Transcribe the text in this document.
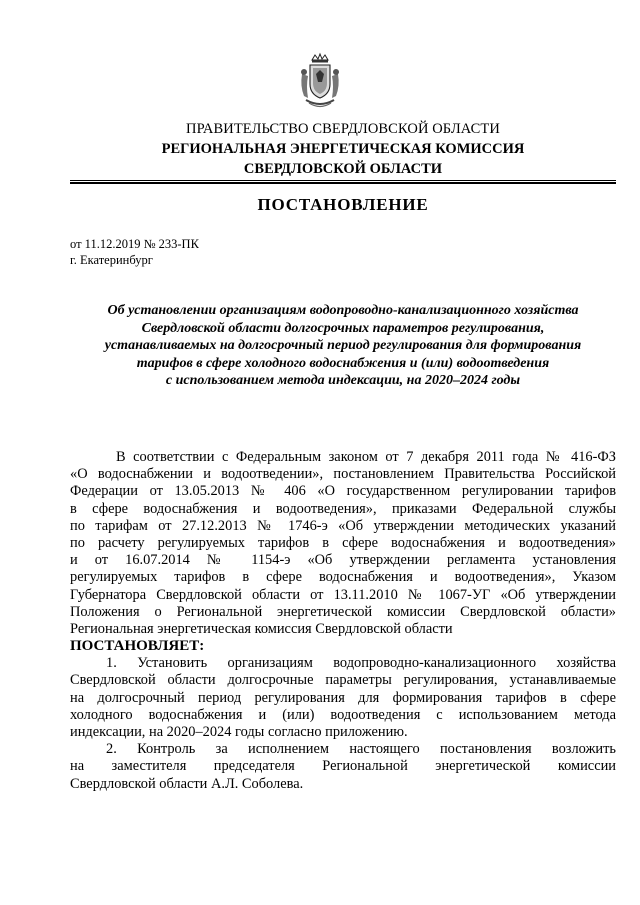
ПРАВИТЕЛЬСТВО СВЕРДЛОВСКОЙ ОБЛАСТИ
РЕГИОНАЛЬНАЯ ЭНЕРГЕТИЧЕСКАЯ КОМИССИЯ
СВЕРДЛОВСКОЙ ОБЛАСТИ
ПОСТАНОВЛЕНИЕ
от 11.12.2019 № 233-ПК
г. Екатеринбург
Об установлении организациям водопроводно-канализационного хозяйства
Свердловской области долгосрочных параметров регулирования,
устанавливаемых на долгосрочный период регулирования для формирования
тарифов в сфере холодного водоснабжения и (или) водоотведения
с использованием метода индексации, на 2020–2024 годы
В соответствии с Федеральным законом от 7 декабря 2011 года № 416-ФЗ
«О водоснабжении и водоотведении», постановлением Правительства Российской
Федерации от 13.05.2013 № 406 «О государственном регулировании тарифов
в сфере водоснабжения и водоотведения», приказами Федеральной службы
по тарифам от 27.12.2013 № 1746-э «Об утверждении методических указаний
по расчету регулируемых тарифов в сфере водоснабжения и водоотведения»
и от 16.07.2014 № 1154-э «Об утверждении регламента установления
регулируемых тарифов в сфере водоснабжения и водоотведения», Указом
Губернатора Свердловской области от 13.11.2010 № 1067-УГ «Об утверждении
Положения о Региональной энергетической комиссии Свердловской области»
Региональная энергетическая комиссия Свердловской области
ПОСТАНОВЛЯЕТ:
1. Установить организациям водопроводно-канализационного хозяйства
Свердловской области долгосрочные параметры регулирования, устанавливаемые
на долгосрочный период регулирования для формирования тарифов в сфере
холодного водоснабжения и (или) водоотведения с использованием метода
индексации, на 2020–2024 годы согласно приложению.
2. Контроль за исполнением настоящего постановления возложить
на заместителя председателя Региональной энергетической комиссии
Свердловской области А.Л. Соболева.
